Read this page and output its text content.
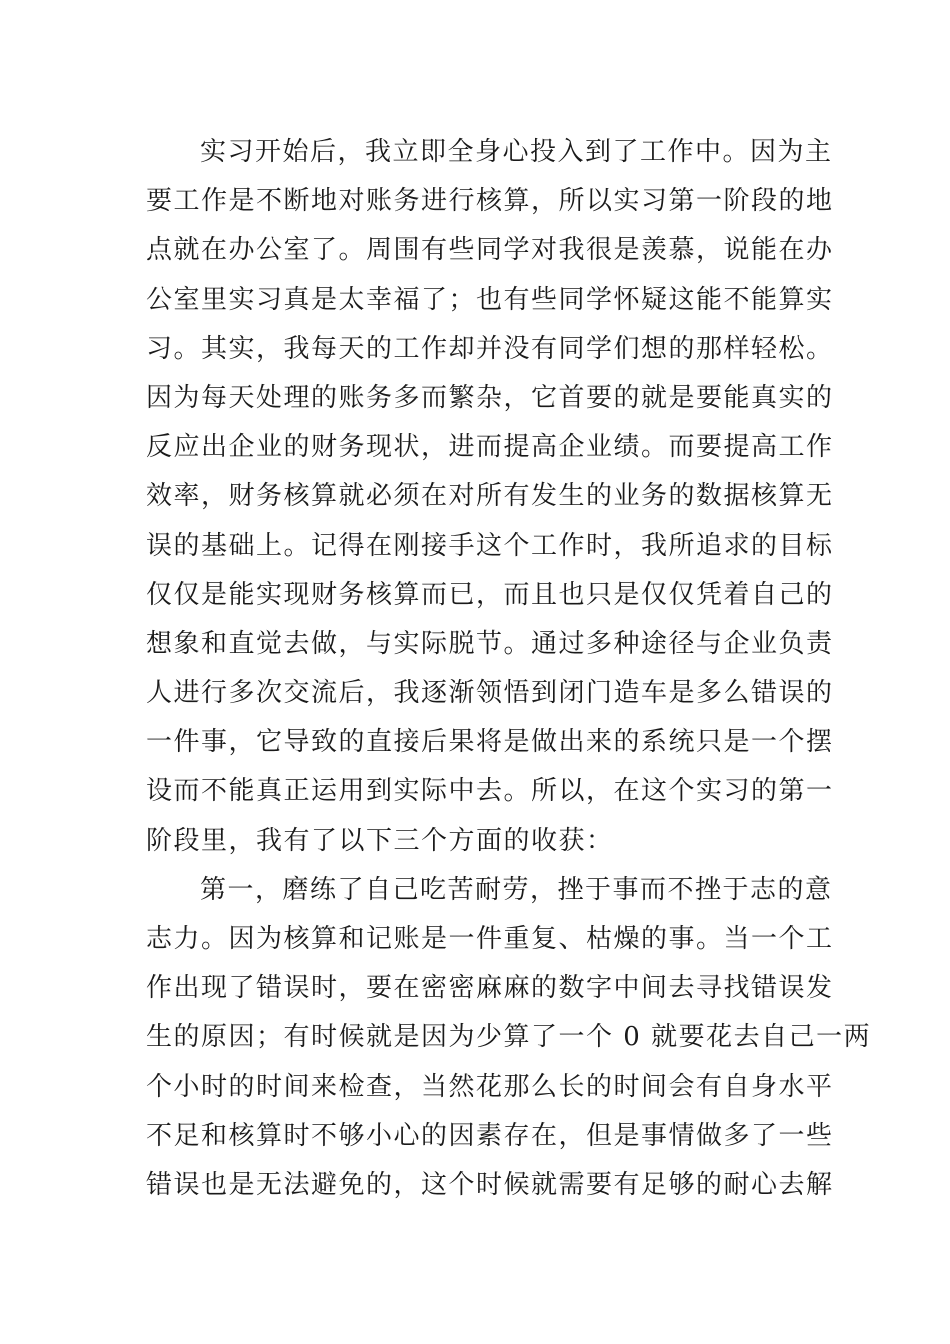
实习开始后，我立即全身心投入到了工作中。因为主
要工作是不断地对账务进行核算，所以实习第一阶段的地
点就在办公室了。周围有些同学对我很是羡慕，说能在办
公室里实习真是太幸福了；也有些同学怀疑这能不能算实
习。其实，我每天的工作却并没有同学们想的那样轻松。
因为每天处理的账务多而繁杂，它首要的就是要能真实的
反应出企业的财务现状，进而提高企业绩。而要提高工作
效率，财务核算就必须在对所有发生的业务的数据核算无
误的基础上。记得在刚接手这个工作时，我所追求的目标
仅仅是能实现财务核算而已，而且也只是仅仅凭着自己的
想象和直觉去做，与实际脱节。通过多种途径与企业负责
人进行多次交流后，我逐渐领悟到闭门造车是多么错误的
一件事，它导致的直接后果将是做出来的系统只是一个摆
设而不能真正运用到实际中去。所以，在这个实习的第一
阶段里，我有了以下三个方面的收获：
第一，磨练了自己吃苦耐劳，挫于事而不挫于志的意
志力。因为核算和记账是一件重复、枯燥的事。当一个工
作出现了错误时，要在密密麻麻的数字中间去寻找错误发
生的原因；有时候就是因为少算了一个 0 就要花去自己一两
个小时的时间来检查，当然花那么长的时间会有自身水平
不足和核算时不够小心的因素存在，但是事情做多了一些
错误也是无法避免的，这个时候就需要有足够的耐心去解
